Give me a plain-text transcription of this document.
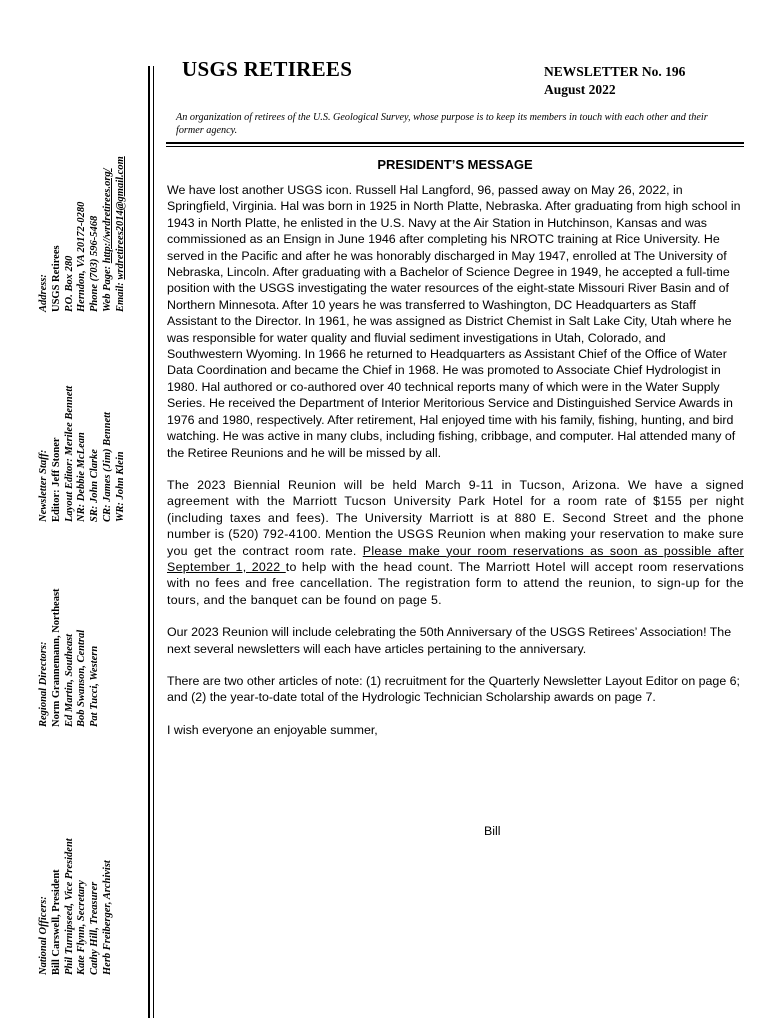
National Officers: Bill Carswell, President Phil Turnipseed, Vice President Kate Flynn, Secretary Cathy Hill, Treasurer Herb Freiberger, Archivist
Regional Directors: Norm Grannemann, Northeast Ed Martin, Southeast Bob Swanson, Central Pat Tucci, Western
Newsletter Staff: Editor: Jeff Stoner Layout Editor: Merilee Bennett NR: Debbie McLean SR: John Clarke CR: James (Jim) Bennett WR: John Klein
Address: USGS Retirees P.O. Box 280 Herndon, VA 20172-0280 Phone (703) 596-5468 Web Page: http://wrdretirees.org/
Email: wrdretirees2014@gmail.com
USGS RETIREES	NEWSLETTER No. 196
August 2022
An organization of retirees of the U.S. Geological Survey, whose purpose is to keep its members in touch with each other and their former agency.
PRESIDENT’S MESSAGE

We have lost another USGS icon. Russell Hal Langford, 96, passed away on May 26, 2022, in Springfield, Virginia. Hal was born in 1925 in North Platte, Nebraska. After graduating from high school in 1943 in North Platte, he enlisted in the U.S. Navy at the Air Station in Hutchinson, Kansas and was commissioned as an Ensign in June 1946 after completing his NROTC training at Rice University. He served in the Pacific and after he was honorably discharged in May 1947, enrolled at The University of Nebraska, Lincoln. After graduating with a Bachelor of Science Degree in 1949, he accepted a full-time position with the USGS investigating the water resources of the eight-state Missouri River Basin and of Northern Minnesota. After 10 years he was transferred to Washington, DC Headquarters as Staff Assistant to the Director. In 1961, he was assigned as District Chemist in Salt Lake City, Utah where he was responsible for water quality and fluvial sediment investigations in Utah, Colorado, and Southwestern Wyoming. In 1966 he returned to Headquarters as Assistant Chief of the Office of Water Data Coordination and became the Chief in 1968. He was promoted to Associate Chief Hydrologist in 1980. Hal authored or co-authored over 40 technical reports many of which were in the Water Supply Series. He received the Department of Interior Meritorious Service and Distinguished Service Awards in 1976 and 1980, respectively. After retirement, Hal enjoyed time with his family, fishing, hunting, and bird watching. He was active in many clubs, including fishing, cribbage, and computer. Hal attended many of the Retiree Reunions and he will be missed by all.

The 2023 Biennial Reunion will be held March 9-11 in Tucson, Arizona. We have a signed agreement with the Marriott Tucson University Park Hotel for a room rate of $155 per night (including taxes and fees). The University Marriott is at 880 E. Second Street and the phone number is (520) 792-4100. Mention the USGS Reunion when making your reservation to make sure you get the contract room rate. Please make your room reservations as soon as possible after September 1, 2022 to help with the head count. The Marriott Hotel will accept room reservations with no fees and free cancellation. The registration form to attend the reunion, to sign-up for the tours, and the banquet can be found on page 5.

Our 2023 Reunion will include celebrating the 50th Anniversary of the USGS Retirees’ Association! The next several newsletters will each have articles pertaining to the anniversary.

There are two other articles of note: (1) recruitment for the Quarterly Newsletter Layout Editor on page 6; and (2) the year-to-date total of the Hydrologic Technician Scholarship awards on page 7.

I wish everyone an enjoyable summer,

Bill
